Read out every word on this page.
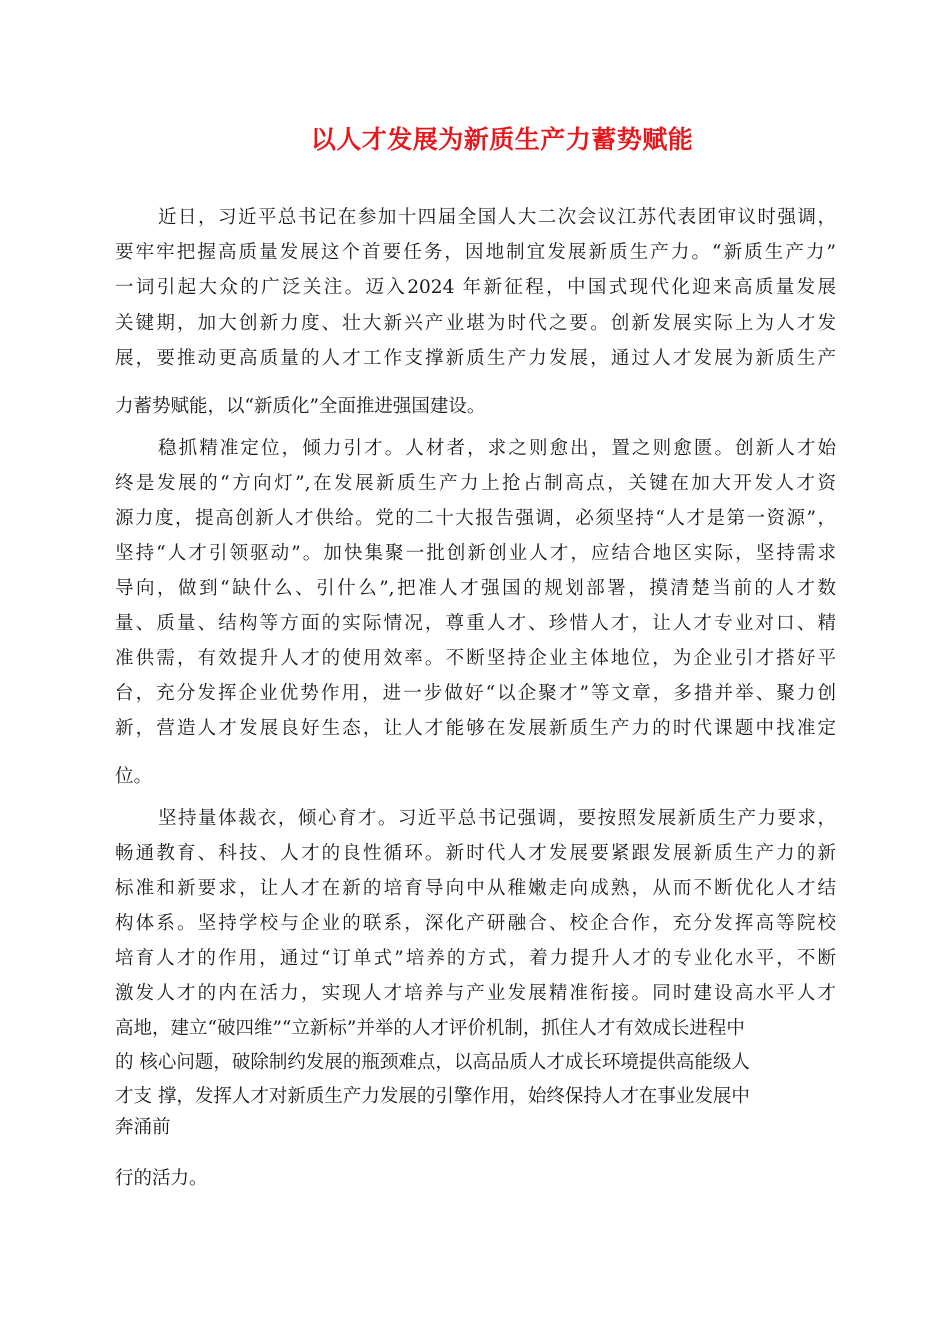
以人才发展为新质生产力蓄势赋能

近日，习近平总书记在参加十四届全国人大二次会议江苏代表团审议时强调，

要牢牢把握高质量发展这个首要任务，因地制宜发展新质生产力。“新质生产力”

一词引起大众的广泛关注。迈入2024 年新征程，中国式现代化迎来高质量发展

关键期，加大创新力度、壮大新兴产业堪为时代之要。创新发展实际上为人才发

展，要推动更高质量的人才工作支撑新质生产力发展，通过人才发展为新质生产

力蓄势赋能，以“新质化”全面推进强国建设。

稳抓精准定位，倾力引才。人材者，求之则愈出，置之则愈匮。创新人才始

终是发展的“方向灯”,在发展新质生产力上抢占制高点，关键在加大开发人才资

源力度，提高创新人才供给。党的二十大报告强调，必须坚持“人才是第一资源”，

坚持“人才引领驱动”。加快集聚一批创新创业人才，应结合地区实际，坚持需求

导向，做到“缺什么、引什么”,把准人才强国的规划部署，摸清楚当前的人才数

量、质量、结构等方面的实际情况，尊重人才、珍惜人才，让人才专业对口、精

准供需，有效提升人才的使用效率。不断坚持企业主体地位，为企业引才搭好平

台，充分发挥企业优势作用，进一步做好“以企聚才”等文章，多措并举、聚力创

新，营造人才发展良好生态，让人才能够在发展新质生产力的时代课题中找准定

位。

坚持量体裁衣，倾心育才。习近平总书记强调，要按照发展新质生产力要求，

畅通教育、科技、人才的良性循环。新时代人才发展要紧跟发展新质生产力的新

标准和新要求，让人才在新的培育导向中从稚嫩走向成熟，从而不断优化人才结

构体系。坚持学校与企业的联系，深化产研融合、校企合作，充分发挥高等院校

培育人才的作用，通过“订单式”培养的方式，着力提升人才的专业化水平，不断

激发人才的内在活力，实现人才培养与产业发展精准衔接。同时建设高水平人才

高地，建立“破四维”“立新标”并举的人才评价机制，抓住人才有效成长进程中

的 核心问题，破除制约发展的瓶颈难点，以高品质人才成长环境提供高能级人

才支 撑，发挥人才对新质生产力发展的引擎作用，始终保持人才在事业发展中

奔涌前

行的活力。
